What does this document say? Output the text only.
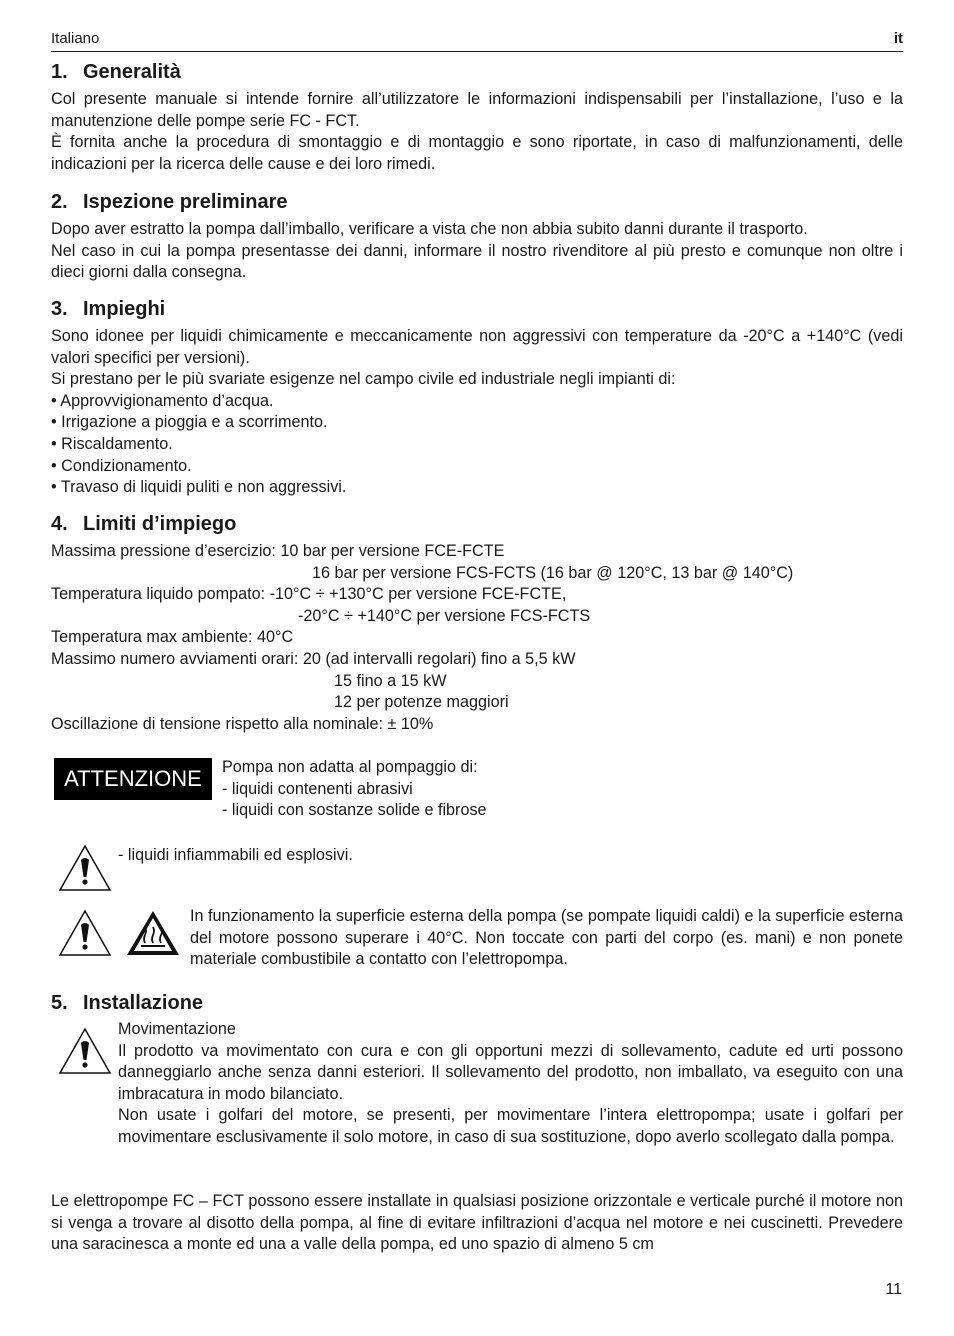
Italiano	it
1. Generalità

Col presente manuale si intende fornire all’utilizzatore le informazioni indispensabili per l’installazione, l’uso e la manutenzione delle pompe serie FC - FCT.

È fornita anche la procedura di smontaggio e di montaggio e sono riportate, in caso di malfunzionamenti, delle indicazioni per la ricerca delle cause e dei loro rimedi.

2. Ispezione preliminare

Dopo aver estratto la pompa dall’imballo, verificare a vista che non abbia subito danni durante il trasporto.

Nel caso in cui la pompa presentasse dei danni, informare il nostro rivenditore al più presto e comunque non oltre i dieci giorni dalla consegna.

3. Impieghi

Sono idonee per liquidi chimicamente e meccanicamente non aggressivi con temperature da -20°C a +140°C (vedi valori specifici per versioni).

Si prestano per le più svariate esigenze nel campo civile ed industriale negli impianti di:

• Approvvigionamento d’acqua.
• Irrigazione a pioggia e a scorrimento.
• Riscaldamento.
• Condizionamento.
• Travaso di liquidi puliti e non aggressivi.
4. Limiti d’impiego
Massima pressione d’esercizio: 10 bar per versione FCE-FCTE
16 bar per versione FCS-FCTS (16 bar @ 120°C, 13 bar @ 140°C)
Temperatura liquido pompato: -10°C ÷ +130°C per versione FCE-FCTE,
-20°C ÷ +140°C per versione FCS-FCTS
Temperatura max ambiente: 40°C
Massimo numero avviamenti orari: 20 (ad intervalli regolari) fino a 5,5 kW
15 fino a 15 kW
12 per potenze maggiori
Oscillazione di tensione rispetto alla nominale: ± 10%
ATTENZIONE	Pompa non adatta al pompaggio di:
- liquidi contenenti abrasivi
- liquidi con sostanze solide e fibrose
- liquidi infiammabili ed esplosivi.

In funzionamento la superficie esterna della pompa (se pompate liquidi caldi) e la superficie esterna del motore possono superare i 40°C. Non toccate con parti del corpo (es. mani) e non ponete materiale combustibile a contatto con l’elettropompa.

5. Installazione

Movimentazione

Il prodotto va movimentato con cura e con gli opportuni mezzi di sollevamento, cadute ed urti possono danneggiarlo anche senza danni esteriori. Il sollevamento del prodotto, non imballato, va eseguito con una imbracatura in modo bilanciato.

Non usate i golfari del motore, se presenti, per movimentare l’intera elettropompa; usate i golfari per movimentare esclusivamente il solo motore, in caso di sua sostituzione, dopo averlo scollegato dalla pompa.

Le elettropompe FC – FCT possono essere installate in qualsiasi posizione orizzontale e verticale purché il motore non si venga a trovare al disotto della pompa, al fine di evitare infiltrazioni d’acqua nel motore e nei cuscinetti. Prevedere una saracinesca a monte ed una a valle della pompa, ed uno spazio di almeno 5 cm

11
